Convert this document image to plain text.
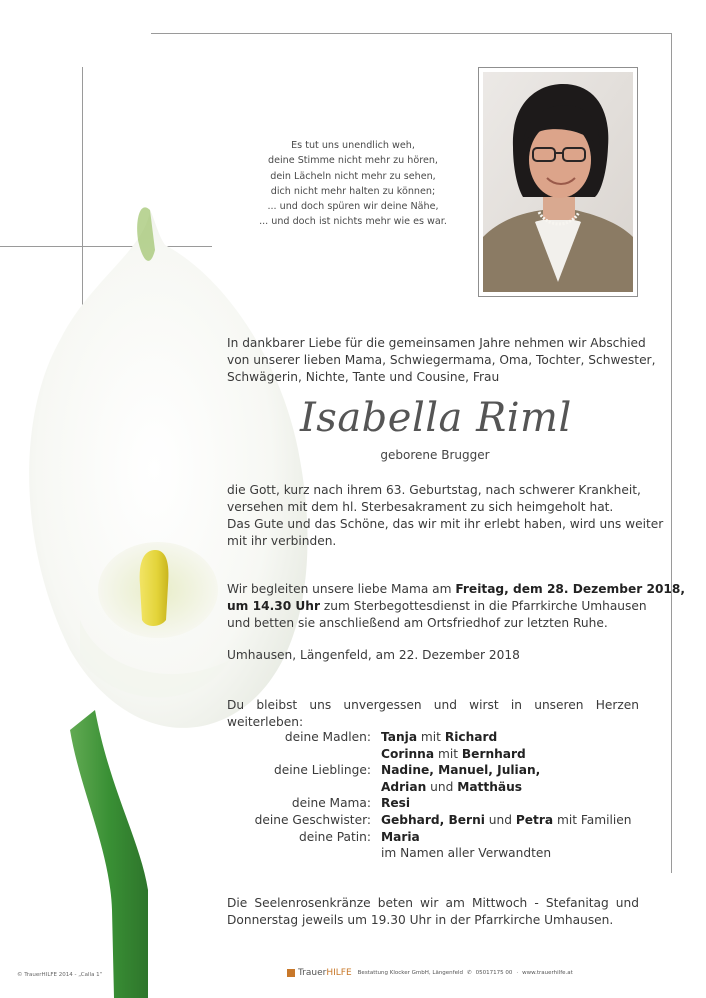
Es tut uns unendlich weh,
deine Stimme nicht mehr zu hören,
dein Lächeln nicht mehr zu sehen,
dich nicht mehr halten zu können;
... und doch spüren wir deine Nähe,
... und doch ist nichts mehr wie es war.
In dankbarer Liebe für die gemeinsamen Jahre nehmen wir Abschied
von unserer lieben Mama, Schwiegermama, Oma, Tochter, Schwester,
Schwägerin, Nichte, Tante und Cousine, Frau
Isabella Riml
geborene Brugger
die Gott, kurz nach ihrem 63. Geburtstag, nach schwerer Krankheit,
versehen mit dem hl. Sterbesakrament zu sich heimgeholt hat.
Das Gute und das Schöne, das wir mit ihr erlebt haben, wird uns weiter
mit ihr verbinden.
Wir begleiten unsere liebe Mama am Freitag, dem 28. Dezember 2018,
um 14.30 Uhr zum Sterbegottesdienst in die Pfarrkirche Umhausen
und betten sie anschließend am Ortsfriedhof zur letzten Ruhe.
Umhausen, Längenfeld, am 22. Dezember 2018
Du bleibst uns unvergessen und wirst in unseren Herzen weiterleben:
deine Madlen: Tanja mit Richard
Corinna mit Bernhard
deine Lieblinge: Nadine, Manuel, Julian,
Adrian und Matthäus
deine Mama: Resi
deine Geschwister: Gebhard, Berni und Petra mit Familien
deine Patin: Maria
im Namen aller Verwandten
Die Seelenrosenkränze beten wir am Mittwoch - Stefanitag und
Donnerstag jeweils um 19.30 Uhr in der Pfarrkirche Umhausen.
© TrauerHILFE 2014 - „Calla 1“	TrauerHILFE Bestattung Klocker GmbH, Längenfeld ✆ 05017175 00 · www.trauerhilfe.at
